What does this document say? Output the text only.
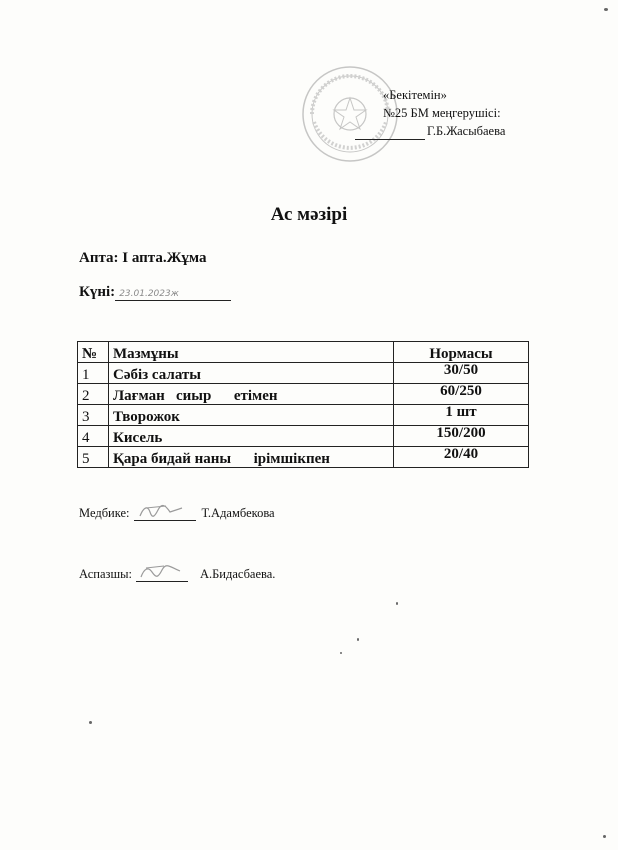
«Бекітемін»
№25 БМ меңгерушісі:
Г.Б.Жасыбаева
Ас мәзірі
Апта: І апта.Жұма
Күні: 23.01.2023ж
№	Мазмұны	Нормасы
1	Сәбіз салаты	30/50
2	Лағман   сиыр      етімен	60/250
3	Творожок	1 шт
4	Кисель	150/200
5	Қара бидай наны      ірімшікпен	20/40
Медбике:	Т.Адамбекова
Аспазшы:	А.Бидасбаева.
